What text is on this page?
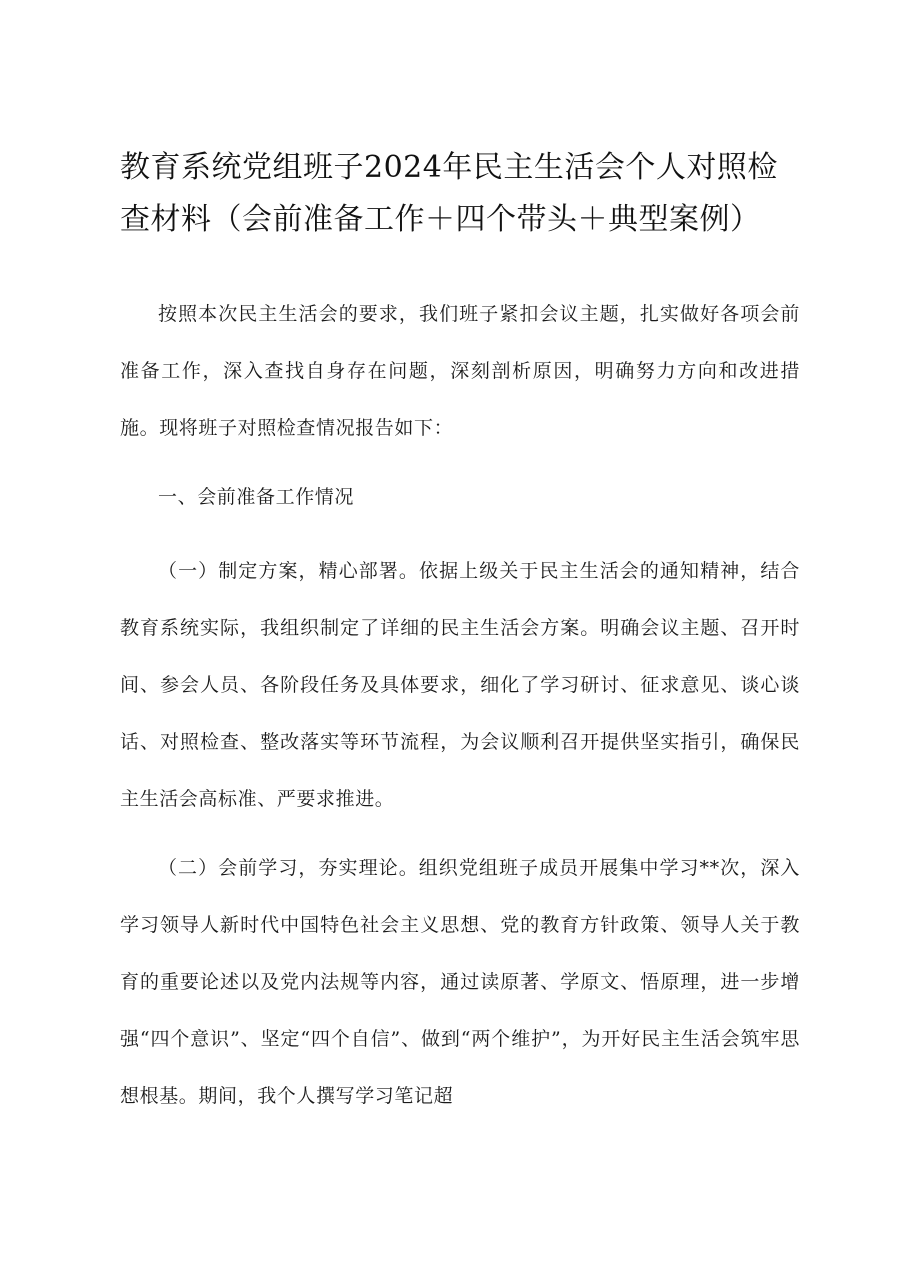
教育系统党组班子2024年民主生活会个人对照检查材料（会前准备工作＋四个带头＋典型案例）

按照本次民主生活会的要求，我们班子紧扣会议主题，扎实做好各项会前准备工作，深入查找自身存在问题，深刻剖析原因，明确努力方向和改进措施。现将班子对照检查情况报告如下：

一、会前准备工作情况

（一）制定方案，精心部署。依据上级关于民主生活会的通知精神，结合教育系统实际，我组织制定了详细的民主生活会方案。明确会议主题、召开时间、参会人员、各阶段任务及具体要求，细化了学习研讨、征求意见、谈心谈话、对照检查、整改落实等环节流程，为会议顺利召开提供坚实指引，确保民主生活会高标准、严要求推进。

（二）会前学习，夯实理论。组织党组班子成员开展集中学习**次，深入学习领导人新时代中国特色社会主义思想、党的教育方针政策、领导人关于教育的重要论述以及党内法规等内容，通过读原著、学原文、悟原理，进一步增强“四个意识”、坚定“四个自信”、做到“两个维护”，为开好民主生活会筑牢思想根基。期间，我个人撰写学习笔记超
